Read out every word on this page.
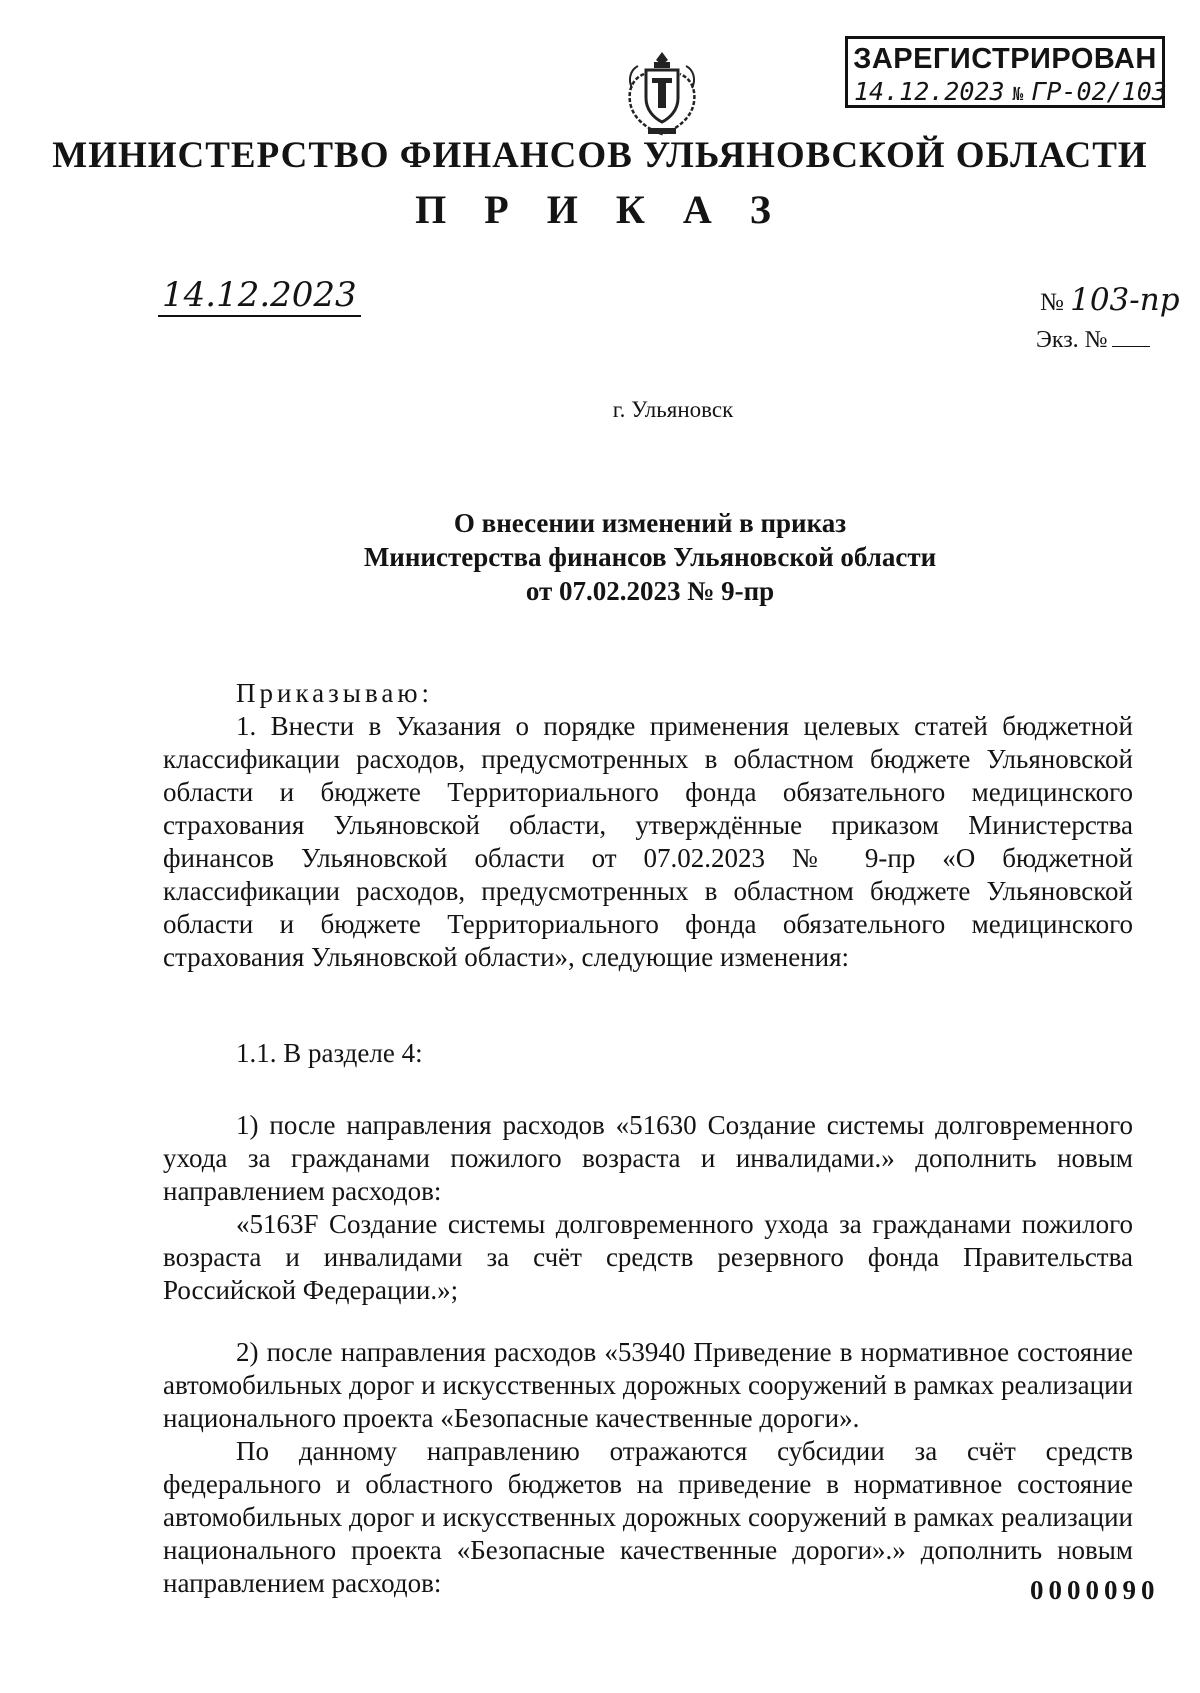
ЗАРЕГИСТРИРОВАН
14.12.2023 № ГР-02/103
МИНИСТЕРСТВО ФИНАНСОВ УЛЬЯНОВСКОЙ ОБЛАСТИ
П Р И К А З
14.12.2023	№ 103-пр
Экз. №
г. Ульяновск
О внесении изменений в приказ
Министерства финансов Ульяновской области
от 07.02.2023 № 9-пр

Приказываю:

1. Внести в Указания о порядке применения целевых статей бюджетной классификации расходов, предусмотренных в областном бюджете Ульяновской области и бюджете Территориального фонда обязательного медицинского страхования Ульяновской области, утверждённые приказом Министерства финансов Ульяновской области от 07.02.2023 № 9-пр «О бюджетной классификации расходов, предусмотренных в областном бюджете Ульяновской области и бюджете Территориального фонда обязательного медицинского страхования Ульяновской области», следующие изменения:

1.1. В разделе 4:

1) после направления расходов «51630 Создание системы долговременного ухода за гражданами пожилого возраста и инвалидами.» дополнить новым направлением расходов:

«5163F Создание системы долговременного ухода за гражданами пожилого возраста и инвалидами за счёт средств резервного фонда Правительства Российской Федерации.»;

2) после направления расходов «53940 Приведение в нормативное состояние автомобильных дорог и искусственных дорожных сооружений в рамках реализации национального проекта «Безопасные качественные дороги».

По данному направлению отражаются субсидии за счёт средств федерального и областного бюджетов на приведение в нормативное состояние автомобильных дорог и искусственных дорожных сооружений в рамках реализации национального проекта «Безопасные качественные дороги».» дополнить новым направлением расходов:	0000090
